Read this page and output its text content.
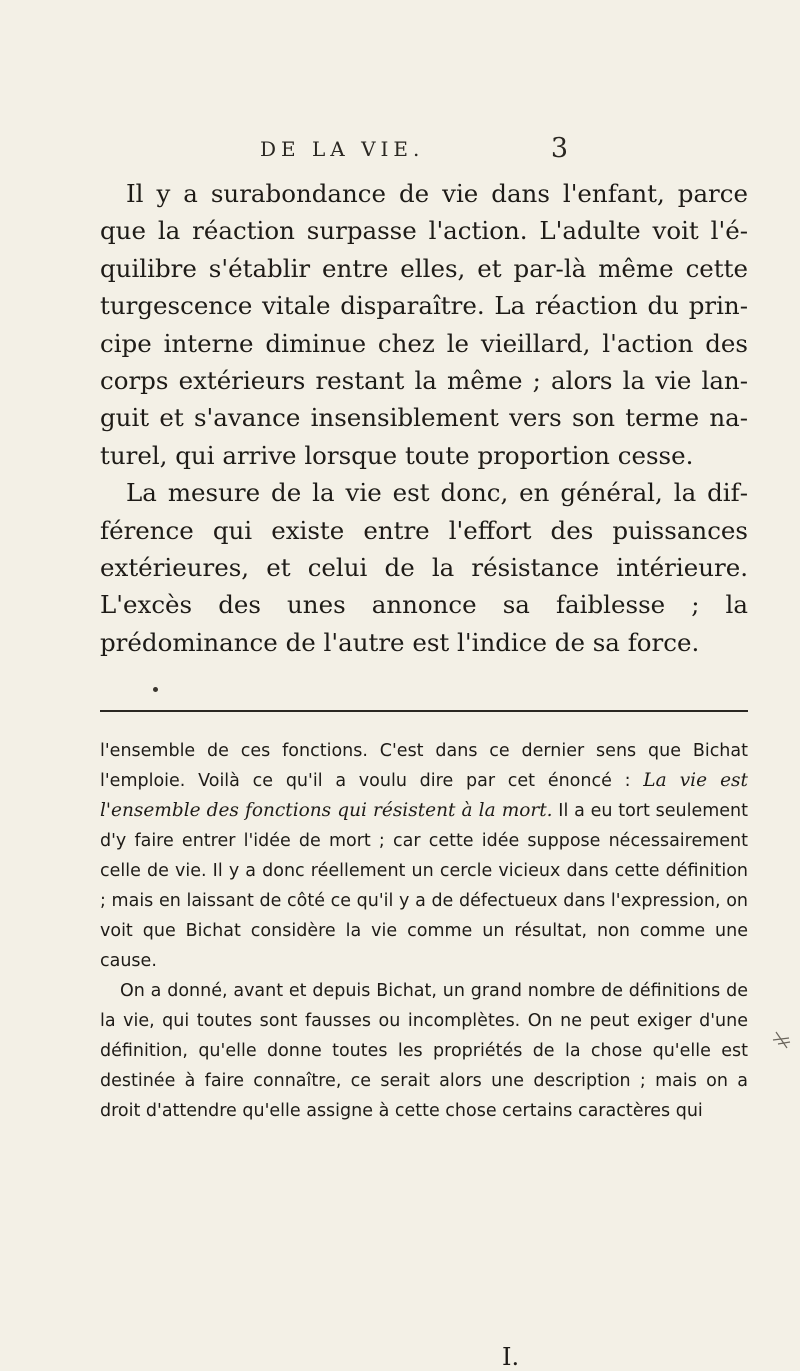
DE LA VIE.	3

Il y a surabondance de vie dans l'enfant, parce que la réaction surpasse l'action. L'adulte voit l'équilibre s'établir entre elles, et par-là même cette turgescence vitale disparaître. La réaction du principe interne diminue chez le vieillard, l'action des corps extérieurs restant la même ; alors la vie languit et s'avance insensiblement vers son terme naturel, qui arrive lorsque toute proportion cesse.

La mesure de la vie est donc, en général, la différence qui existe entre l'effort des puissances extérieures, et celui de la résistance intérieure. L'excès des unes annonce sa faiblesse ; la prédominance de l'autre est l'indice de sa force.

l'ensemble de ces fonctions. C'est dans ce dernier sens que Bichat l'emploie. Voilà ce qu'il a voulu dire par cet énoncé : La vie est l'ensemble des fonctions qui résistent à la mort. Il a eu tort seulement d'y faire entrer l'idée de mort ; car cette idée suppose nécessairement celle de vie. Il y a donc réellement un cercle vicieux dans cette définition ; mais en laissant de côté ce qu'il y a de défectueux dans l'expression, on voit que Bichat considère la vie comme un résultat, non comme une cause.

On a donné, avant et depuis Bichat, un grand nombre de définitions de la vie, qui toutes sont fausses ou incomplètes. On ne peut exiger d'une définition, qu'elle donne toutes les propriétés de la chose qu'elle est destinée à faire connaître, ce serait alors une description ; mais on a droit d'attendre qu'elle assigne à cette chose certains caractères qui

I.
